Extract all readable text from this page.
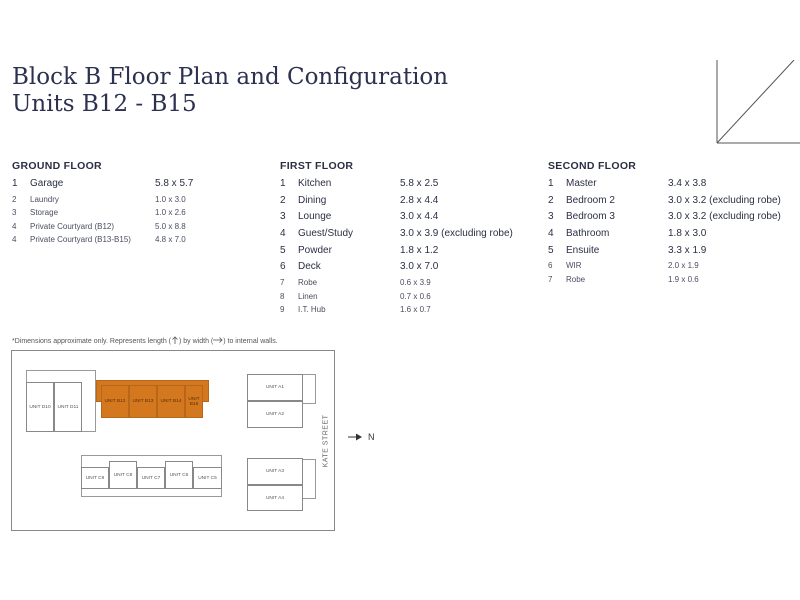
Block B Floor Plan and Configuration
Units B12 - B15
GROUND FLOOR
1	Garage	5.8 x 5.7
2	Laundry	1.0 x 3.0
3	Storage	1.0 x 2.6
4	Private Courtyard (B12)	5.0 x 8.8
4	Private Courtyard (B13-B15)	4.8 x 7.0
FIRST FLOOR
1	Kitchen	5.8 x 2.5
2	Dining	2.8 x 4.4
3	Lounge	3.0 x 4.4
4	Guest/Study	3.0 x 3.9 (excluding robe)
5	Powder	1.8 x 1.2
6	Deck	3.0 x 7.0
7	Robe	0.6 x 3.9
8	Linen	0.7 x 0.6
9	I.T. Hub	1.6 x 0.7
SECOND FLOOR
1	Master	3.4 x 3.8
2	Bedroom 2	3.0 x 3.2 (excluding robe)
3	Bedroom 3	3.0 x 3.2 (excluding robe)
4	Bathroom	1.8 x 3.0
5	Ensuite	3.3 x 1.9
6	WIR	2.0 x 1.9
7	Robe	1.9 x 0.6
*Dimensions approximate only. Represents length ( ) by width ( ) to internal walls.
UNIT D10	UNIT D11
UNIT B12	UNIT B13	UNIT B14	UNIT B15
UNIT A1
UNIT A2
UNIT A3
UNIT A4
UNIT C9
UNIT C8
UNIT C7
UNIT C6
UNIT C5
KATE STREET	N
